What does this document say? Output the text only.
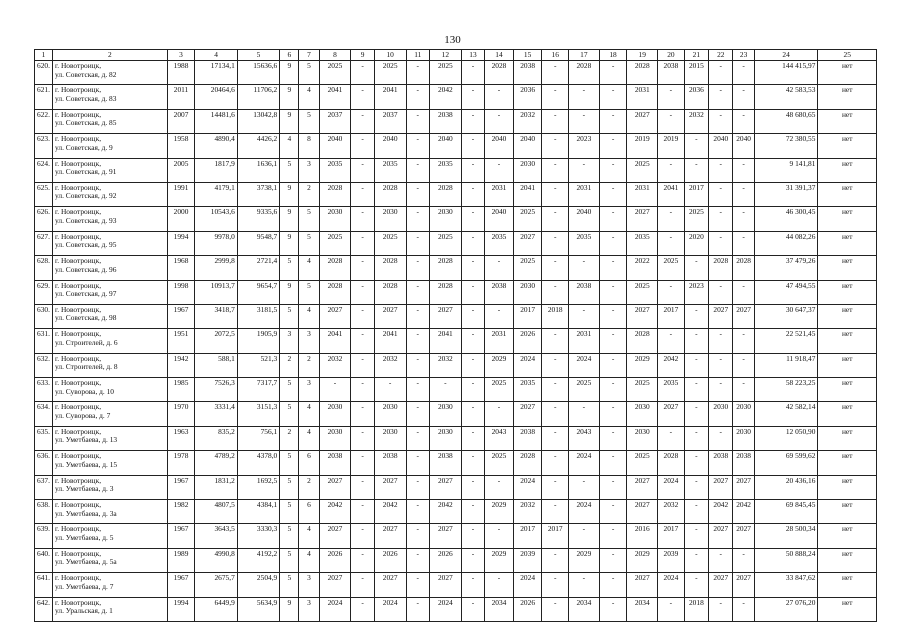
130
1	2	3	4	5	6	7	8	9	10	11	12	13	14	15	16	17	18	19	20	21	22	23	24	25
620.	г. Новотроицк,
ул. Советская, д. 82	1988	17134,1	15636,6	9	5	2025	-	2025	-	2025	-	2028	2038	-	2028	-	2028	2038	2015	-	-	144 415,97	нет
621.	г. Новотроицк,
ул. Советская, д. 83	2011	20464,6	11706,2	9	4	2041	-	2041	-	2042	-	-	2036	-	-	-	2031	-	2036	-	-	42 583,53	нет
622.	г. Новотроицк,
ул. Советская, д. 85	2007	14481,6	13042,8	9	5	2037	-	2037	-	2038	-	-	2032	-	-	-	2027	-	2032	-	-	48 680,65	нет
623.	г. Новотроицк,
ул. Советская, д. 9	1958	4890,4	4426,2	4	8	2040	-	2040	-	2040	-	2040	2040	-	2023	-	2019	2019	-	2040	2040	72 380,55	нет
624.	г. Новотроицк,
ул. Советская, д. 91	2005	1817,9	1636,1	5	3	2035	-	2035	-	2035	-	-	2030	-	-	-	2025	-	-	-	-	9 141,81	нет
625.	г. Новотроицк,
ул. Советская, д. 92	1991	4179,1	3738,1	9	2	2028	-	2028	-	2028	-	2031	2041	-	2031	-	2031	2041	2017	-	-	31 391,37	нет
626.	г. Новотроицк,
ул. Советская, д. 93	2000	10543,6	9335,6	9	5	2030	-	2030	-	2030	-	2040	2025	-	2040	-	2027	-	2025	-	-	46 300,45	нет
627.	г. Новотроицк,
ул. Советская, д. 95	1994	9978,0	9548,7	9	5	2025	-	2025	-	2025	-	2035	2027	-	2035	-	2035	-	2020	-	-	44 082,26	нет
628.	г. Новотроицк,
ул. Советская, д. 96	1968	2999,8	2721,4	5	4	2028	-	2028	-	2028	-	-	2025	-	-	-	2022	2025	-	2028	2028	37 479,26	нет
629.	г. Новотроицк,
ул. Советская, д. 97	1998	10913,7	9654,7	9	5	2028	-	2028	-	2028	-	2038	2030	-	2038	-	2025	-	2023	-	-	47 494,55	нет
630.	г. Новотроицк,
ул. Советская, д. 98	1967	3418,7	3181,5	5	4	2027	-	2027	-	2027	-	-	2017	2018	-	-	2027	2017	-	2027	2027	30 647,37	нет
631.	г. Новотроицк,
ул. Строителей, д. 6	1951	2072,5	1905,9	3	3	2041	-	2041	-	2041	-	2031	2026	-	2031	-	2028	-	-	-	-	22 521,45	нет
632.	г. Новотроицк,
ул. Строителей, д. 8	1942	588,1	521,3	2	2	2032	-	2032	-	2032	-	2029	2024	-	2024	-	2029	2042	-	-	-	11 918,47	нет
633.	г. Новотроицк,
ул. Суворова, д. 10	1985	7526,3	7317,7	5	3	-	-	-	-	-	-	2025	2035	-	2025	-	2025	2035	-	-	-	58 223,25	нет
634.	г. Новотроицк,
ул. Суворова, д. 7	1970	3331,4	3151,3	5	4	2030	-	2030	-	2030	-	-	2027	-	-	-	2030	2027	-	2030	2030	42 582,14	нет
635.	г. Новотроицк,
ул. Уметбаева, д. 13	1963	835,2	756,1	2	4	2030	-	2030	-	2030	-	2043	2038	-	2043	-	2030	-	-	-	2030	12 050,90	нет
636.	г. Новотроицк,
ул. Уметбаева, д. 15	1978	4789,2	4378,0	5	6	2038	-	2038	-	2038	-	2025	2028	-	2024	-	2025	2028	-	2038	2038	69 599,62	нет
637.	г. Новотроицк,
ул. Уметбаева, д. 3	1967	1831,2	1692,5	5	2	2027	-	2027	-	2027	-	-	2024	-	-	-	2027	2024	-	2027	2027	20 436,16	нет
638.	г. Новотроицк,
ул. Уметбаева, д. 3а	1982	4807,5	4384,1	5	6	2042	-	2042	-	2042	-	2029	2032	-	2024	-	2027	2032	-	2042	2042	69 845,45	нет
639.	г. Новотроицк,
ул. Уметбаева, д. 5	1967	3643,5	3330,3	5	4	2027	-	2027	-	2027	-	-	2017	2017	-	-	2016	2017	-	2027	2027	28 500,34	нет
640.	г. Новотроицк,
ул. Уметбаева, д. 5а	1989	4990,8	4192,2	5	4	2026	-	2026	-	2026	-	2029	2039	-	2029	-	2029	2039	-	-	-	50 888,24	нет
641.	г. Новотроицк,
ул. Уметбаева, д. 7	1967	2675,7	2504,9	5	3	2027	-	2027	-	2027	-	-	2024	-	-	-	2027	2024	-	2027	2027	33 847,62	нет
642.	г. Новотроицк,
ул. Уральская, д. 1	1994	6449,9	5634,9	9	3	2024	-	2024	-	2024	-	2034	2026	-	2034	-	2034	-	2018	-	-	27 076,20	нет
